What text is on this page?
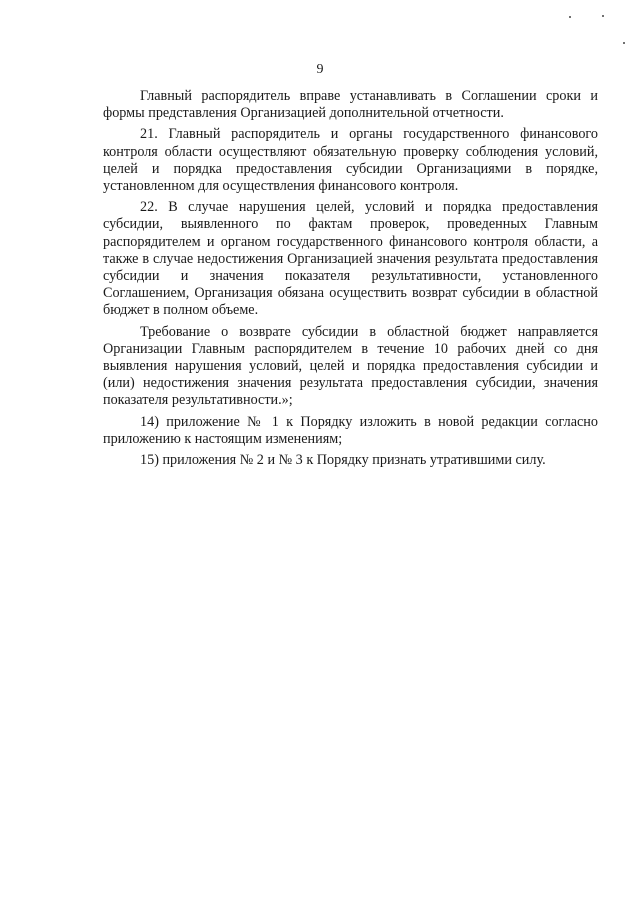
9

Главный распорядитель вправе устанавливать в Соглашении сроки и формы представления Организацией дополнительной отчетности.

21. Главный распорядитель и органы государственного финансового контроля области осуществляют обязательную проверку соблюдения условий, целей и порядка предоставления субсидии Организациями в порядке, установленном для осуществления финансового контроля.

22. В случае нарушения целей, условий и порядка предоставления субсидии, выявленного по фактам проверок, проведенных Главным распорядителем и органом государственного финансового контроля области, а также в случае недостижения Организацией значения результата предоставления субсидии и значения показателя результативности, установленного Соглашением, Организация обязана осуществить возврат субсидии в областной бюджет в полном объеме.

Требование о возврате субсидии в областной бюджет направляется Организации Главным распорядителем в течение 10 рабочих дней со дня выявления нарушения условий, целей и порядка предоставления субсидии и (или) недостижения значения результата предоставления субсидии, значения показателя результативности.»;

14) приложение № 1 к Порядку изложить в новой редакции согласно приложению к настоящим изменениям;

15) приложения № 2 и № 3 к Порядку признать утратившими силу.
